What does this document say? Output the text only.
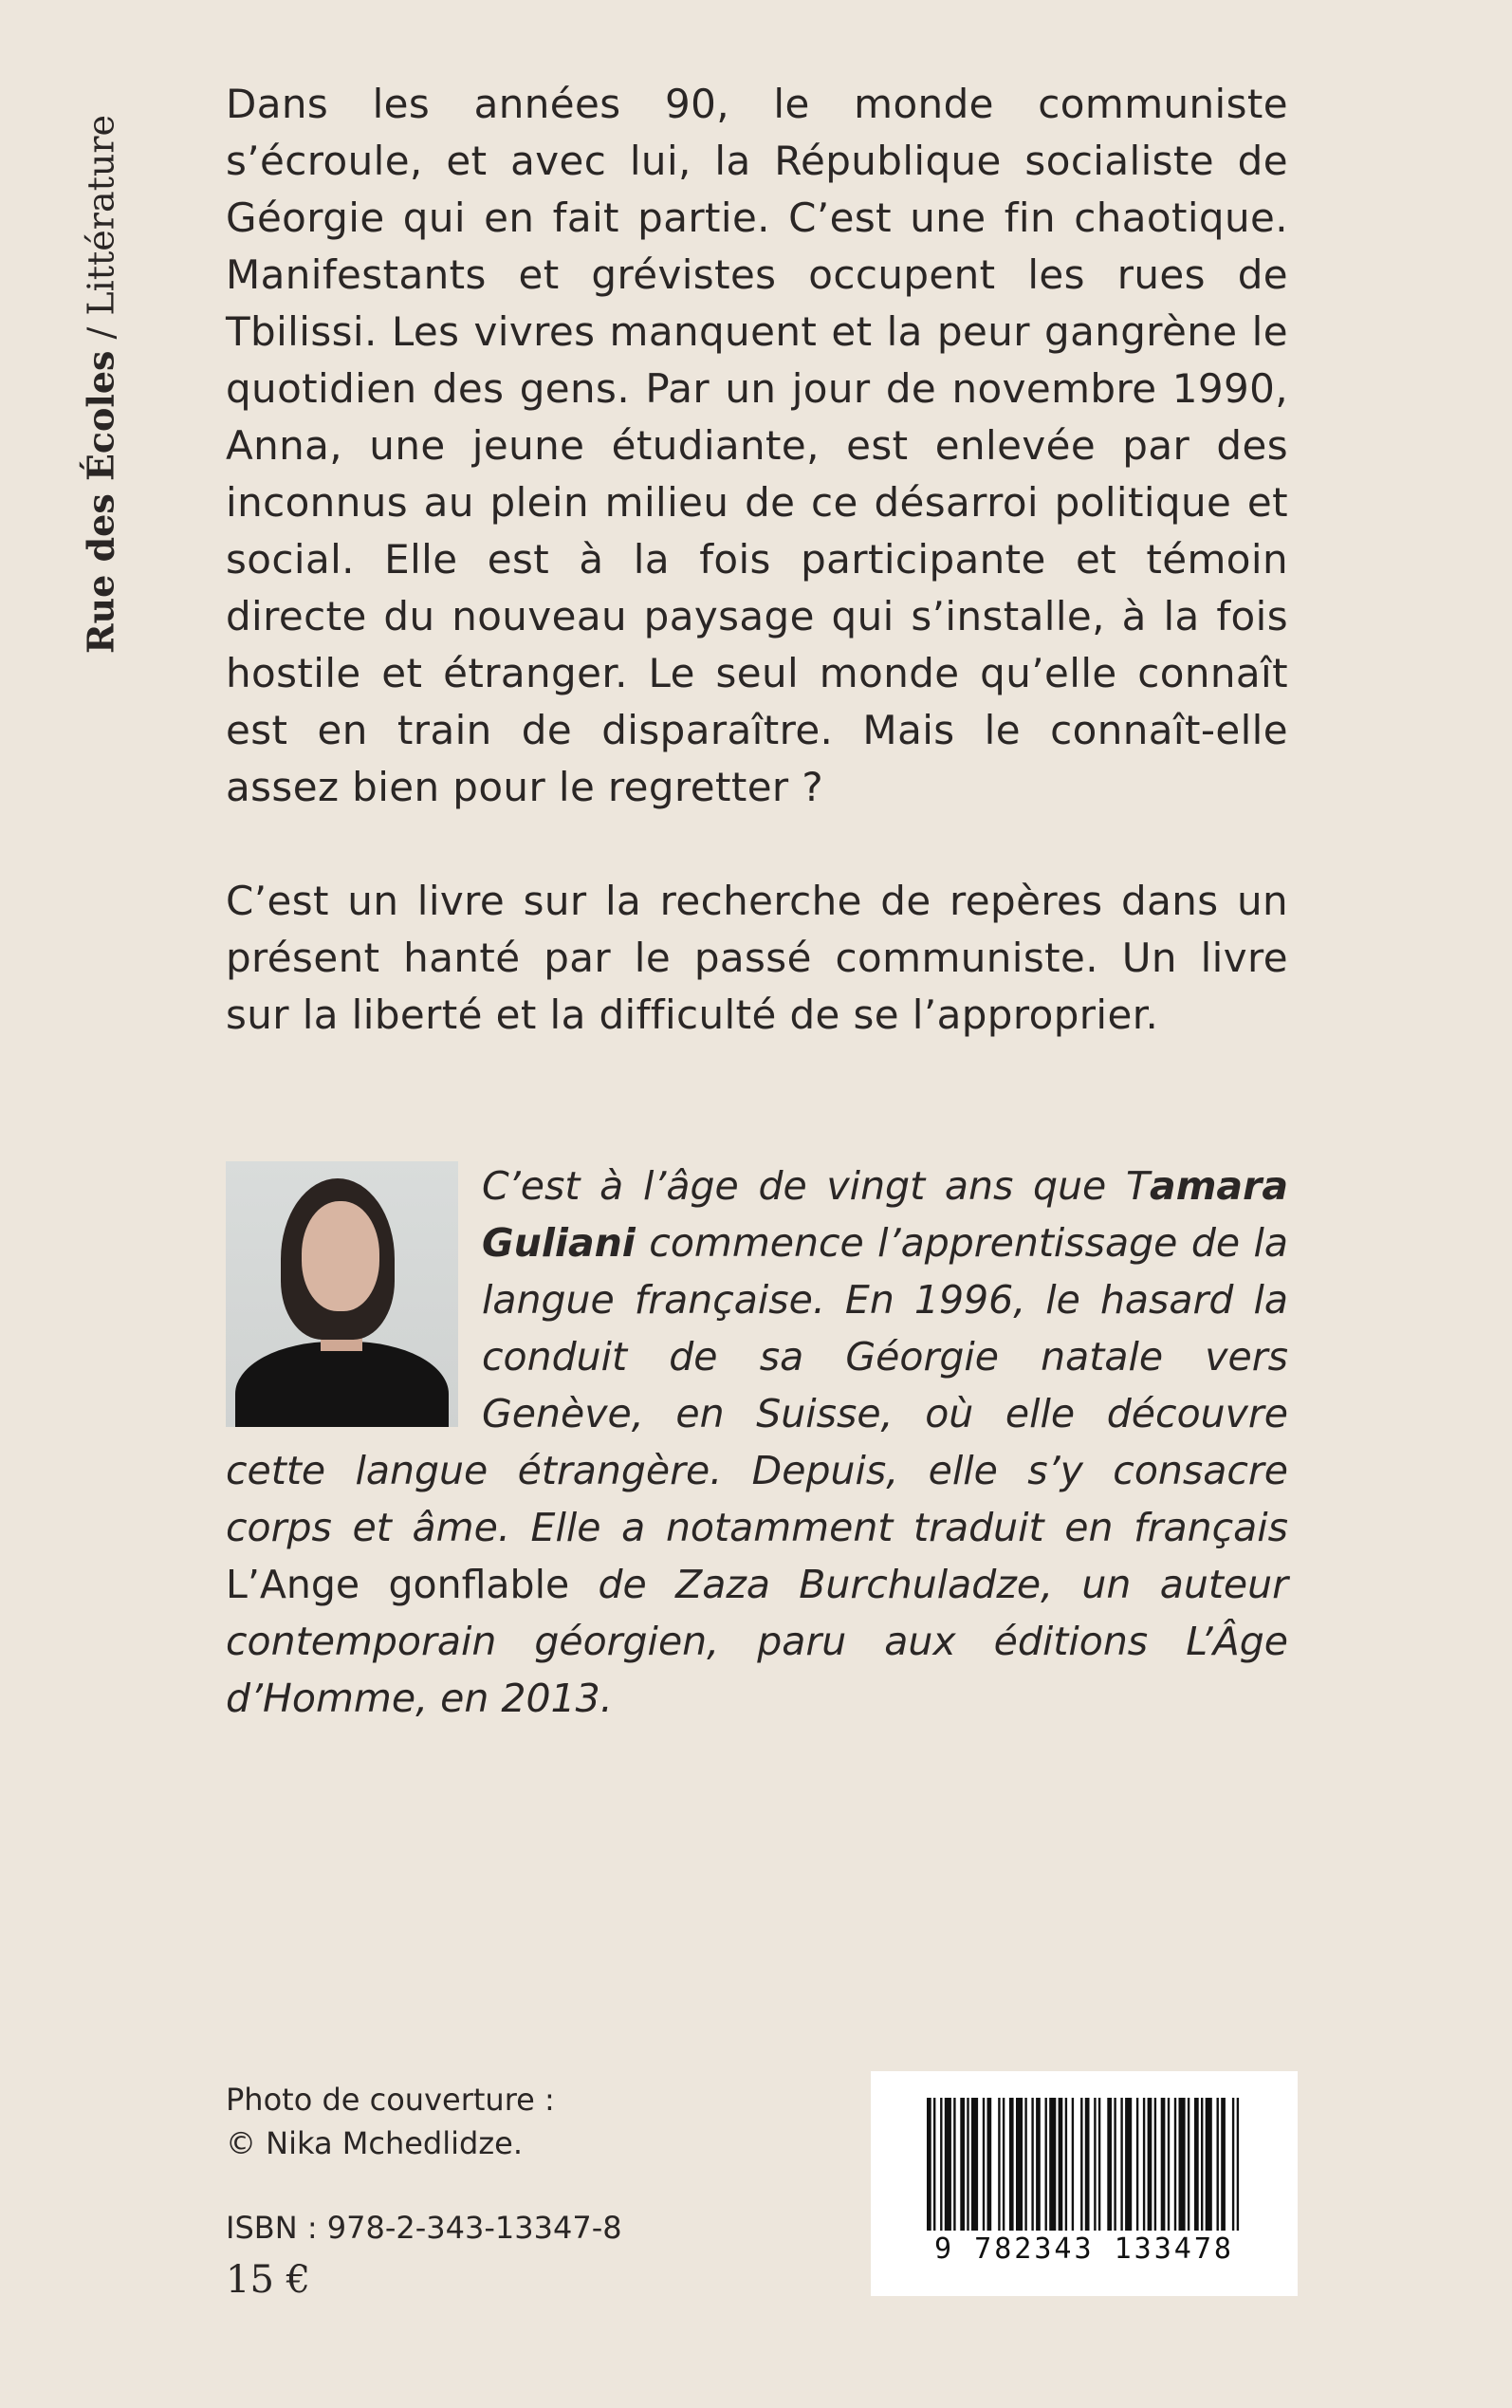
Rue des Écoles / Littérature

Dans les années 90, le monde communiste s’écroule, et avec lui, la République socialiste de Géorgie qui en fait partie. C’est une fin chaotique. Manifestants et grévistes occupent les rues de Tbilissi. Les vivres manquent et la peur gangrène le quotidien des gens. Par un jour de novembre 1990, Anna, une jeune étudiante, est enlevée par des inconnus au plein milieu de ce désarroi politique et social. Elle est à la fois participante et témoin directe du nouveau paysage qui s’installe, à la fois hostile et étranger. Le seul monde qu’elle connaît est en train de disparaître. Mais le connaît-elle assez bien pour le regretter ?

C’est un livre sur la recherche de repères dans un présent hanté par le passé communiste. Un livre sur la liberté et la difficulté de se l’approprier.

C’est à l’âge de vingt ans que Tamara Guliani commence l’apprentissage de la langue française. En 1996, le hasard la conduit de sa Géorgie natale vers Genève, en Suisse, où elle découvre cette langue étrangère. Depuis, elle s’y consacre corps et âme. Elle a notamment traduit en français L’Ange gonflable de Zaza Burchuladze, un auteur contemporain géorgien, paru aux éditions L’Âge d’Homme, en 2013.
Photo de couverture :
© Nika Mchedlidze.
ISBN : 978-2-343-13347-8
15 €
9 782343 133478
